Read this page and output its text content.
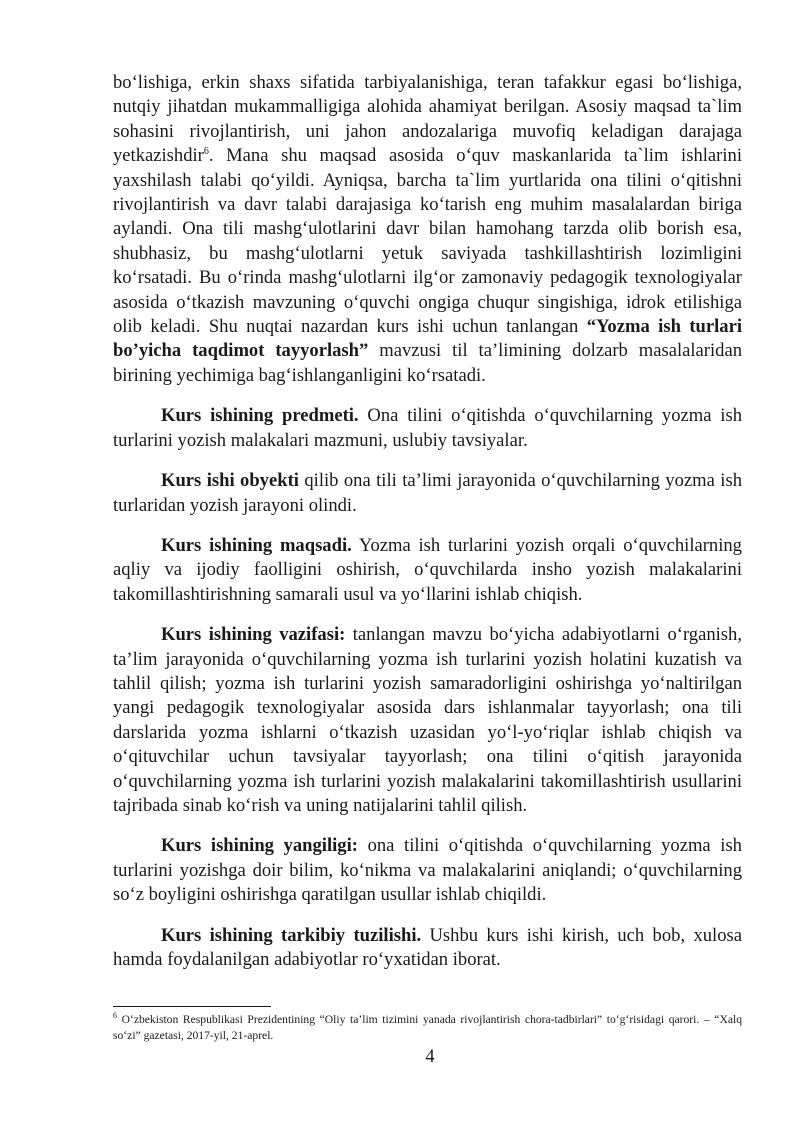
bo‘lishiga, erkin shaxs sifatida tarbiyalanishiga, teran tafakkur egasi bo‘lishiga, nutqiy jihatdan mukammalligiga alohida ahamiyat berilgan. Asosiy maqsad ta`lim sohasini rivojlantirish, uni jahon andozalariga muvofiq keladigan darajaga yetkazishdir$^6$. Mana shu maqsad asosida o‘quv maskanlarida ta`lim ishlarini yaxshilash talabi qo‘yildi. Ayniqsa, barcha ta`lim yurtlarida ona tilini o‘qitishni rivojlantirish va davr talabi darajasiga ko‘tarish eng muhim masalalardan biriga aylandi. Ona tili mashg‘ulotlarini davr bilan hamohang tarzda olib borish esa, shubhasiz, bu mashg‘ulotlarni yetuk saviyada tashkillashtirish lozimligini ko‘rsatadi. Bu o‘rinda mashg‘ulotlarni ilg‘or zamonaviy pedagogik texnologiyalar asosida o‘tkazish mavzuning o‘quvchi ongiga chuqur singishiga, idrok etilishiga olib keladi. Shu nuqtai nazardan kurs ishi uchun tanlangan “Yozma ish turlari bo’yicha taqdimot tayyorlash” mavzusi til ta’limining dolzarb masalalaridan birining yechimiga bag‘ishlanganligini ko‘rsatadi.

Kurs ishining predmeti. Ona tilini o‘qitishda o‘quvchilarning yozma ish turlarini yozish malakalari mazmuni, uslubiy tavsiyalar.

Kurs ishi obyekti qilib ona tili ta’limi jarayonida o‘quvchilarning yozma ish turlaridan yozish jarayoni olindi.

Kurs ishining maqsadi. Yozma ish turlarini yozish orqali o‘quvchilarning aqliy va ijodiy faolligini oshirish, o‘quvchilarda insho yozish malakalarini takomillashtirishning samarali usul va yo‘llarini ishlab chiqish.

Kurs ishining vazifasi: tanlangan mavzu bo‘yicha adabiyotlarni o‘rganish, ta’lim jarayonida o‘quvchilarning yozma ish turlarini yozish holatini kuzatish va tahlil qilish; yozma ish turlarini yozish samaradorligini oshirishga yo‘naltirilgan yangi pedagogik texnologiyalar asosida dars ishlanmalar tayyorlash; ona tili darslarida yozma ishlarni o‘tkazish uzasidan yo‘l-yo‘riqlar ishlab chiqish va o‘qituvchilar uchun tavsiyalar tayyorlash; ona tilini o‘qitish jarayonida o‘quvchilarning yozma ish turlarini yozish malakalarini takomillashtirish usullarini tajribada sinab ko‘rish va uning natijalarini tahlil qilish.

Kurs ishining yangiligi: ona tilini o‘qitishda o‘quvchilarning yozma ish turlarini yozishga doir bilim, ko‘nikma va malakalarini aniqlandi; o‘quvchilarning so‘z boyligini oshirishga qaratilgan usullar ishlab chiqildi.

Kurs ishining tarkibiy tuzilishi. Ushbu kurs ishi kirish, uch bob, xulosa hamda foydalanilgan adabiyotlar ro‘yxatidan iborat.

$^6$ O‘zbekiston Respublikasi Prezidentining “Oliy ta’lim tizimini yanada rivojlantirish chora-tadbirlari” to‘g‘risidagi qarori. – “Xalq so‘zi” gazetasi, 2017-yil, 21-aprel.
4
